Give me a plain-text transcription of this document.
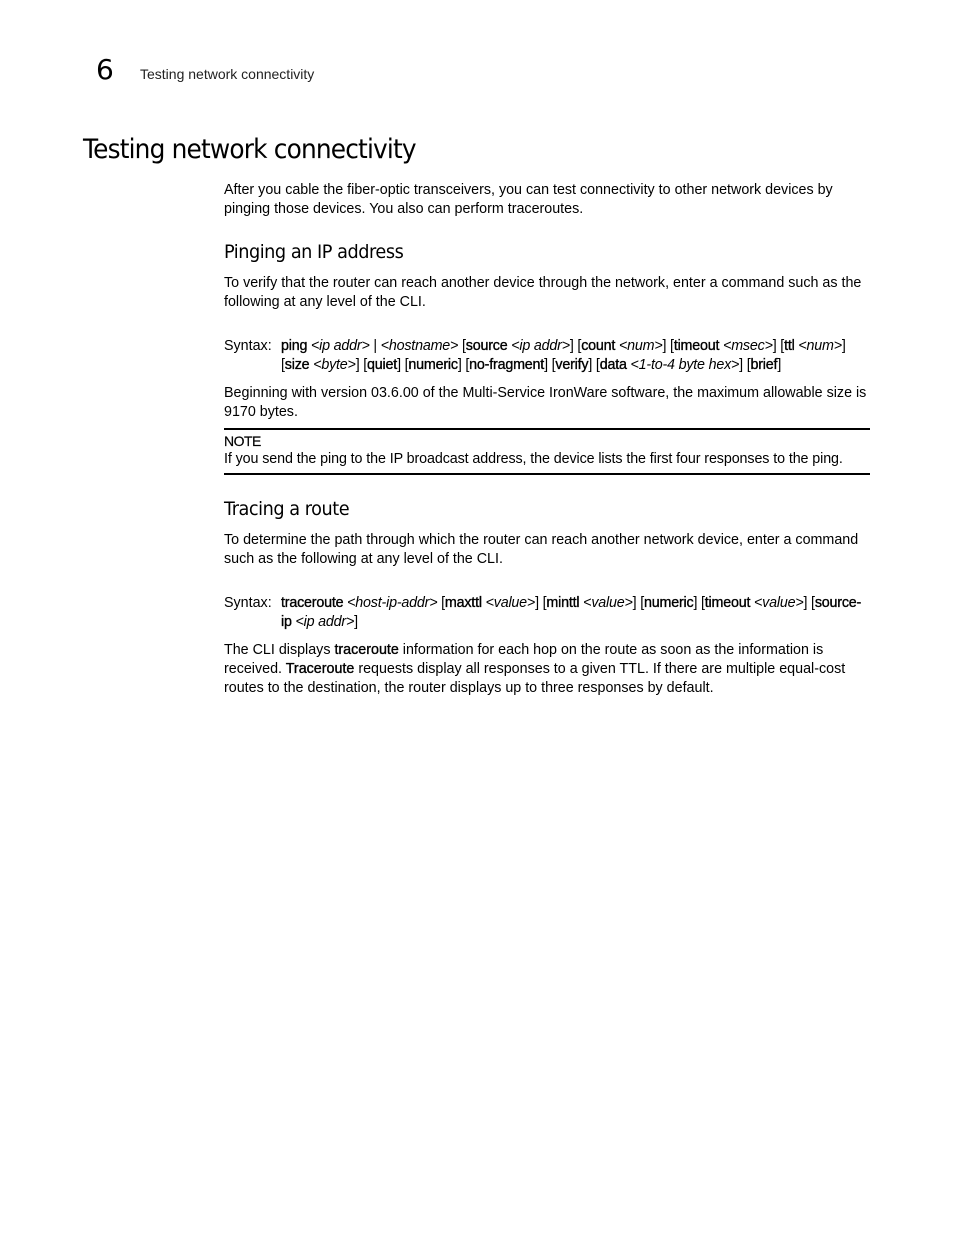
6 Testing network connectivity
Testing network connectivity

After you cable the fiber-optic transceivers, you can test connectivity to other network devices by pinging those devices. You also can perform traceroutes.

Pinging an IP address

To verify that the router can reach another device through the network, enter a command such as the following at any level of the CLI.

Syntax: ping <ip addr> | <hostname> [source <ip addr>] [count <num>] [timeout <msec>] [ttl <num>] [size <byte>] [quiet] [numeric] [no-fragment] [verify] [data <1-to-4 byte hex>] [brief]

Beginning with version 03.6.00 of the Multi-Service IronWare software, the maximum allowable size is 9170 bytes.

NOTE
If you send the ping to the IP broadcast address, the device lists the first four responses to the ping.
Tracing a route

To determine the path through which the router can reach another network device, enter a command such as the following at any level of the CLI.

Syntax: traceroute <host-ip-addr> [maxttl <value>] [minttl <value>] [numeric] [timeout <value>] [source-ip <ip addr>]

The CLI displays traceroute information for each hop on the route as soon as the information is received. Traceroute requests display all responses to a given TTL. If there are multiple equal-cost routes to the destination, the router displays up to three responses by default.
